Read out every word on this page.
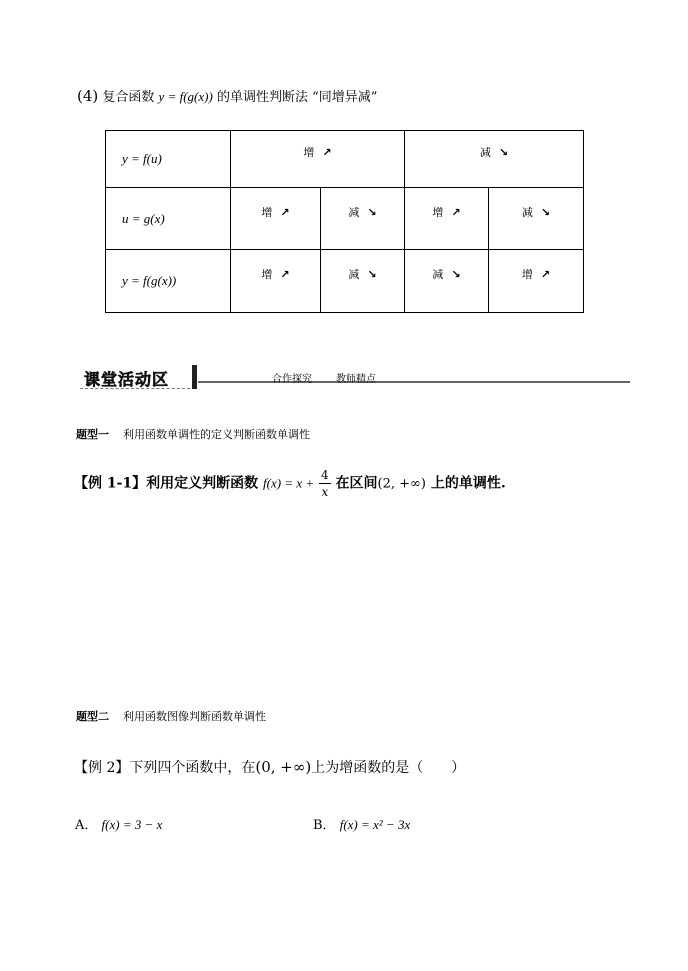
(4) 复合函数 y = f(g(x)) 的单调性判断法 “同增异减”
y = f(u)	增 ↗		减 ↘	
u = g(x)	增 ↗	减 ↘	增 ↗	减 ↘
y = f(g(x))	增 ↗	减 ↘	减 ↘	增 ↗
课堂活动区	合作探究 教师精点
题型一 利用函数单调性的定义判断函数单调性
【例 1-1】利用定义判断函数 $f(x) = x + \frac{4}{x}$ 在区间(2, +∞) 上的单调性.
题型二 利用函数图像判断函数单调性
【例 2】下列四个函数中，在(0, +∞)上为增函数的是（　　）
A． f(x) = 3 − x	B． f(x) = x² − 3x
